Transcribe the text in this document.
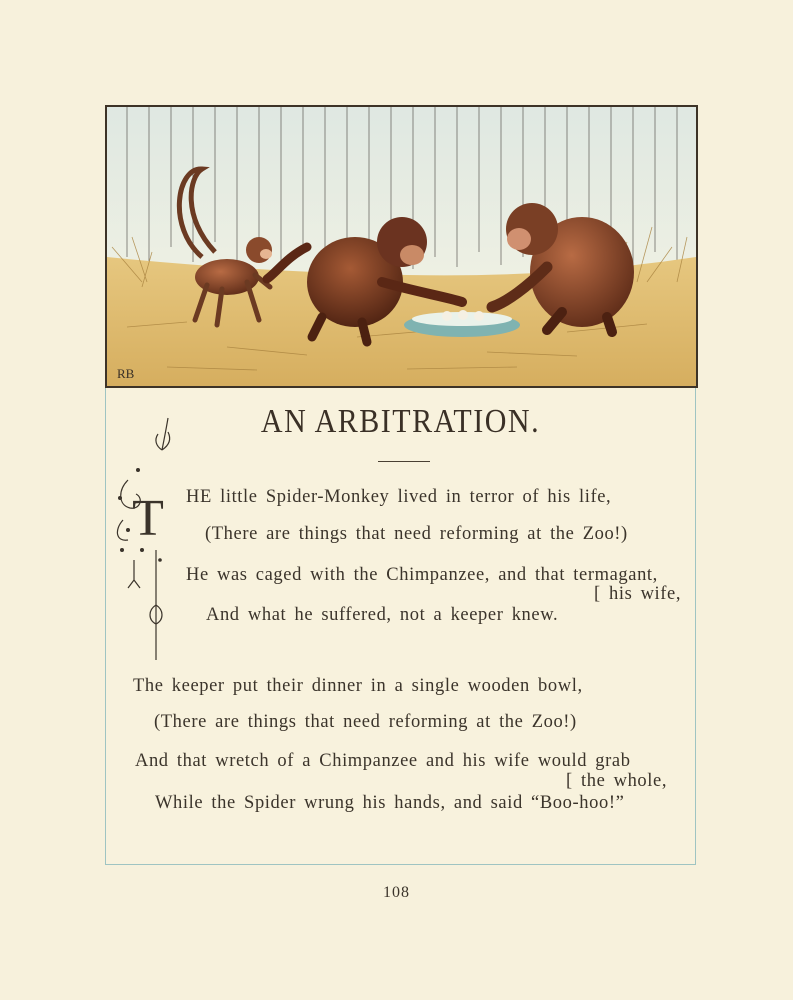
RB
AN ARBITRATION.
T HE little Spider-Monkey lived in terror of his life,
(There are things that need reforming at the Zoo!)
He was caged with the Chimpanzee, and that termagant,
[ his wife,
And what he suffered, not a keeper knew.
The keeper put their dinner in a single wooden bowl,
(There are things that need reforming at the Zoo!)
And that wretch of a Chimpanzee and his wife would grab
[ the whole,
While the Spider wrung his hands, and said “Boo-hoo!”
108
